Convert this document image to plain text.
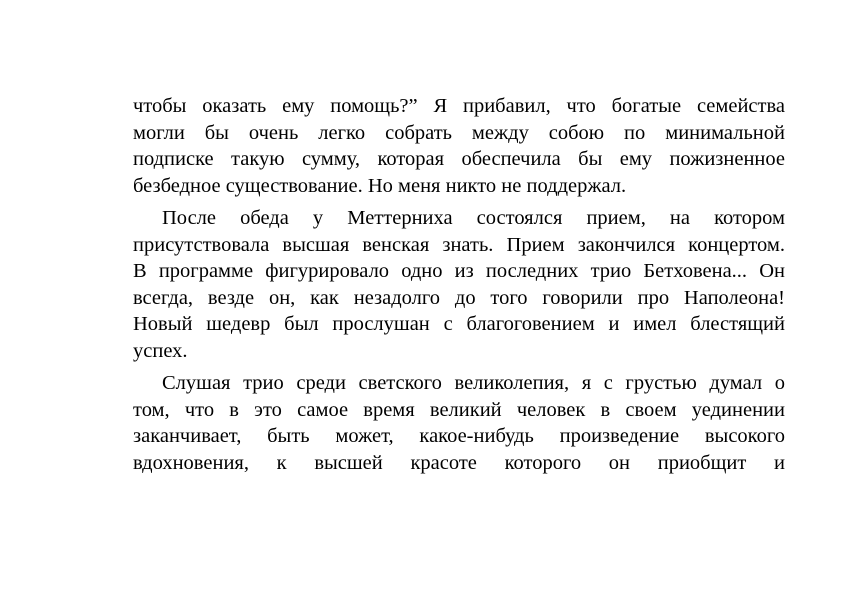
чтобы оказать ему помощь?” Я прибавил, что богатые семейства
могли бы очень легко собрать между собою по минимальной
подписке такую сумму, которая обеспечила бы ему пожизненное
безбедное существование. Но меня никто не поддержал.
После обеда у Меттерниха состоялся прием, на котором
присутствовала высшая венская знать. Прием закончился концертом.
В программе фигурировало одно из последних трио Бетховена... Он
всегда, везде он, как незадолго до того говорили про Наполеона!
Новый шедевр был прослушан с благоговением и имел блестящий
успех.
Слушая трио среди светского великолепия, я с грустью думал о
том, что в это самое время великий человек в своем уединении
заканчивает, быть может, какое-нибудь произведение высокого
вдохновения, к высшей красоте которого он приобщит и
